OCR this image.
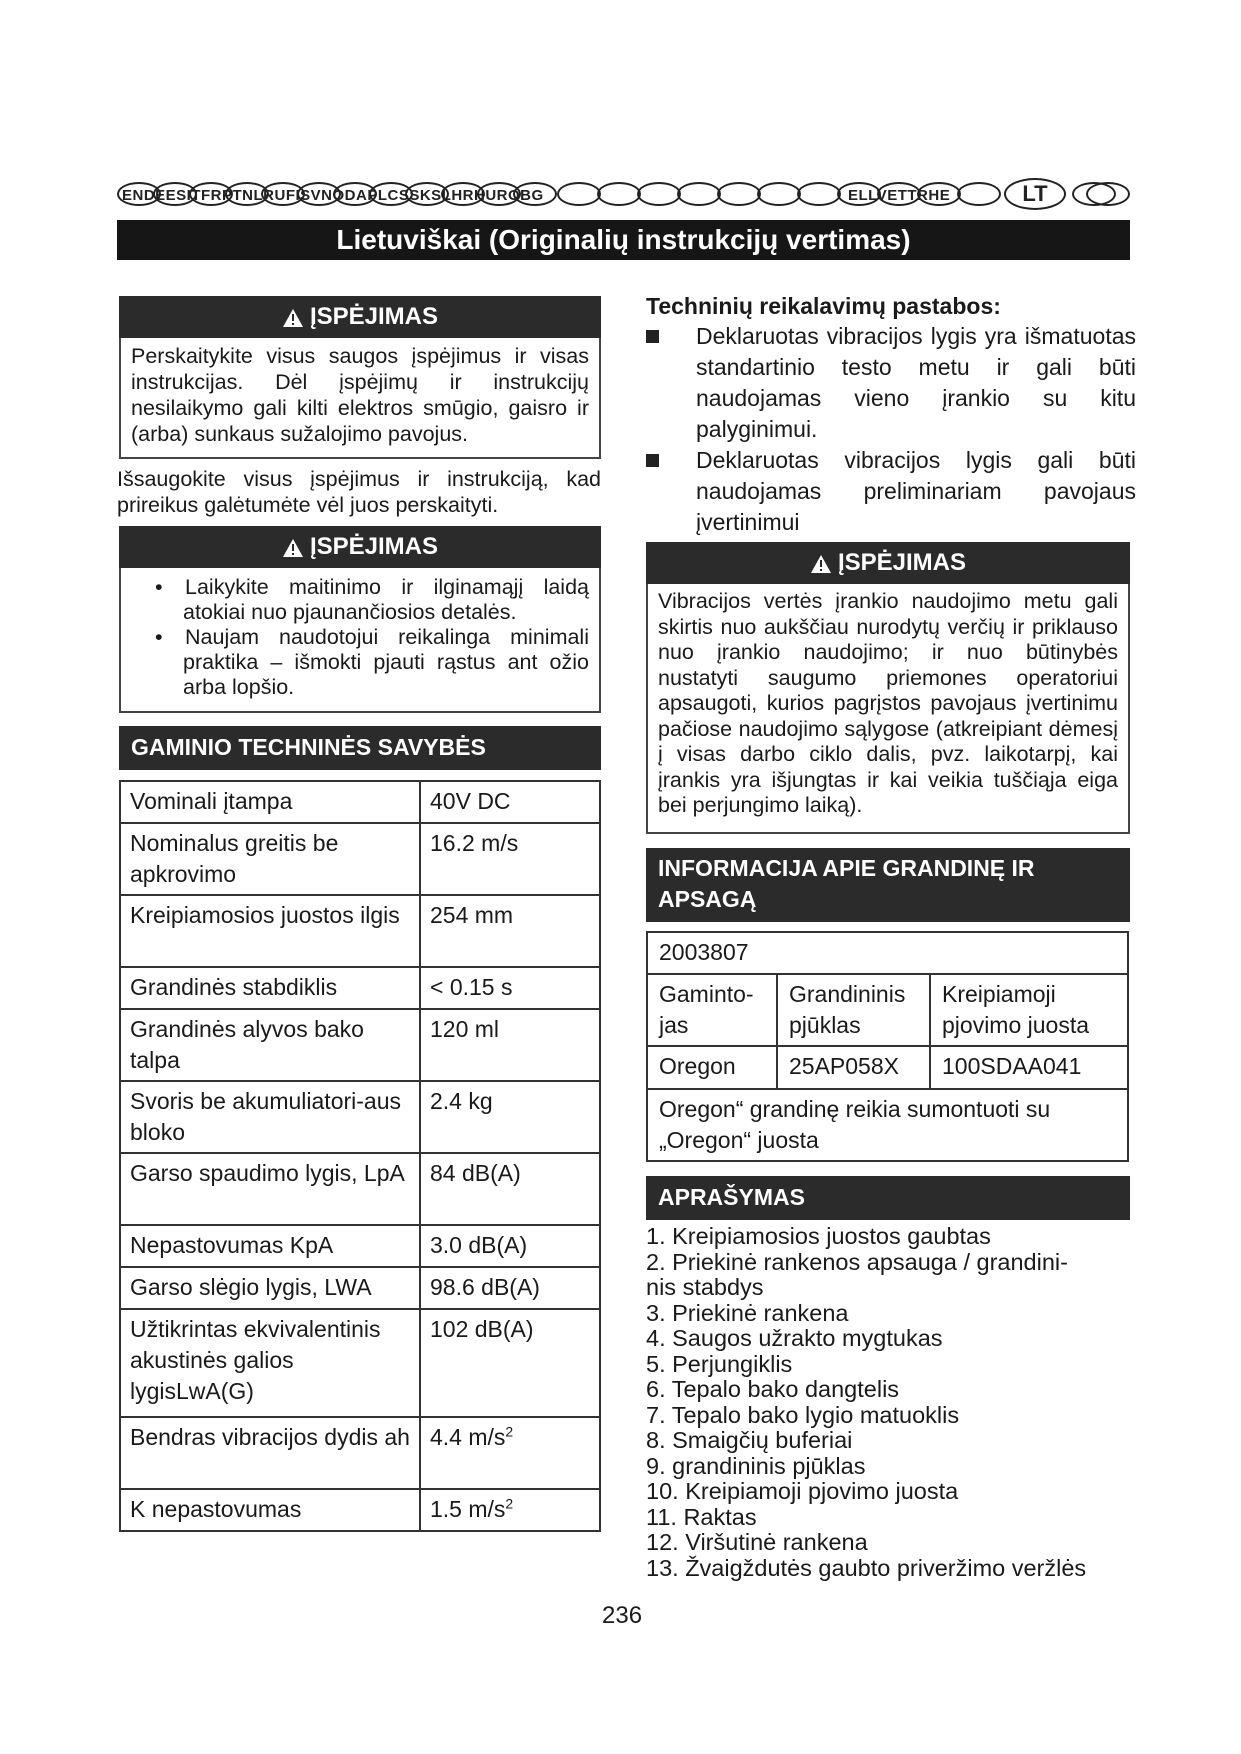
ENDEESITFRPTNLRUFISVNODAPLCSSKSLHRHUROBG	ELLVETTRHE	LT
Lietuviškai (Originalių instrukcijų vertimas)
ĮSPĖJIMAS
Perskaitykite visus saugos įspėjimus ir visas instrukcijas. Dėl įspėjimų ir instrukcijų nesilaikymo gali kilti elektros smūgio, gaisro ir (arba) sunkaus sužalojimo pavojus.
Išsaugokite visus įspėjimus ir instrukciją, kad prireikus galėtumėte vėl juos perskaityti.
ĮSPĖJIMAS
• Laikykite maitinimo ir ilginamąjį laidą atokiai nuo pjaunančiosios detalės.
• Naujam naudotojui reikalinga minimali praktika – išmokti pjauti rąstus ant ožio arba lopšio.
GAMINIO TECHNINĖS SAVYBĖS
Vominali įtampa	40V DC
Nominalus greitis be apkrovimo	16.2 m/s
Kreipiamosios juostos ilgis	254 mm
Grandinės stabdiklis	< 0.15 s
Grandinės alyvos bako talpa	120 ml
Svoris be akumuliatori-aus bloko	2.4 kg
Garso spaudimo lygis, LpA	84 dB(A)
Nepastovumas KpA	3.0 dB(A)
Garso slėgio lygis, LWA	98.6 dB(A)
Užtikrintas ekvivalentinis akustinės galios lygisLwA(G)	102 dB(A)
Bendras vibracijos dydis ah	4.4 $m/s^2$
K nepastovumas	1.5 $m/s^2$
Techninių reikalavimų pastabos:
Deklaruotas vibracijos lygis yra išmatuotas standartinio testo metu ir gali būti naudojamas vieno įrankio su kitu palyginimui.
Deklaruotas vibracijos lygis gali būti naudojamas preliminariam pavojaus įvertinimui
ĮSPĖJIMAS
Vibracijos vertės įrankio naudojimo metu gali skirtis nuo aukščiau nurodytų verčių ir priklauso nuo įrankio naudojimo; ir nuo būtinybės nustatyti saugumo priemones operatoriui apsaugoti, kurios pagrįstos pavojaus įvertinimu pačiose naudojimo sąlygose (atkreipiant dėmesį į visas darbo ciklo dalis, pvz. laikotarpį, kai įrankis yra išjungtas ir kai veikia tuščiąja eiga bei perjungimo laiką).
INFORMACIJA APIE GRANDINĘ IR APSAGĄ
2003807		
Gaminto-jas	Grandininis pjūklas	Kreipiamoji pjovimo juosta
Oregon	25AP058X	100SDAA041
Oregon“ grandinę reikia sumontuoti su „Oregon“ juosta		
APRAŠYMAS
1. Kreipiamosios juostos gaubtas
2. Priekinė rankenos apsauga / grandini-
nis stabdys
3. Priekinė rankena
4. Saugos užrakto mygtukas
5. Perjungiklis
6. Tepalo bako dangtelis
7. Tepalo bako lygio matuoklis
8. Smaigčių buferiai
9. grandininis pjūklas
10. Kreipiamoji pjovimo juosta
11. Raktas
12. Viršutinė rankena
13. Žvaigždutės gaubto priveržimo veržlės
236
